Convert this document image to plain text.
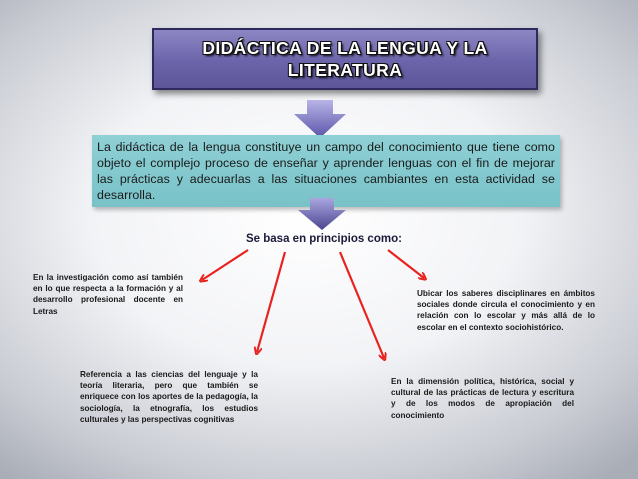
DIDÁCTICA DE LA LENGUA Y LA
LITERATURA
La didáctica de la lengua constituye un campo del conocimiento que tiene como objeto el complejo proceso de enseñar y aprender lenguas con el fin de mejorar las prácticas y adecuarlas a las situaciones cambiantes en esta actividad se desarrolla.
Se basa en principios como:
En la investigación como así también en lo que respecta a la formación y al desarrollo profesional docente en Letras
Referencia a las ciencias del lenguaje y la teoría literaria, pero que también se enriquece con los aportes de la pedagogía, la sociología, la etnografía, los estudios culturales y las perspectivas cognitivas
En la dimensión política, histórica, social y cultural de las prácticas de lectura y escritura y de los modos de apropiación del conocimiento
Ubicar los saberes disciplinares en ámbitos sociales donde circula el conocimiento y en relación con lo escolar y más allá de lo escolar en el contexto sociohistórico.
